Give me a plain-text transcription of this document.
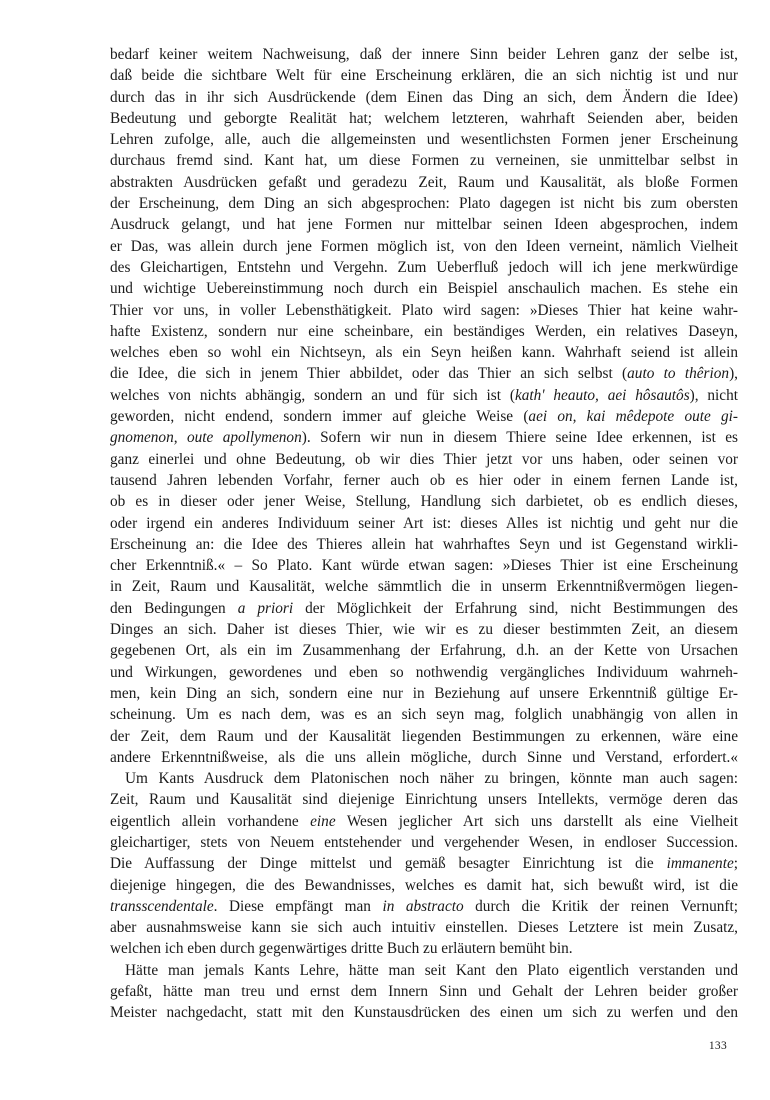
bedarf keiner weitem Nachweisung, daß der innere Sinn beider Lehren ganz der selbe ist,
daß beide die sichtbare Welt für eine Erscheinung erklären, die an sich nichtig ist und nur
durch das in ihr sich Ausdrückende (dem Einen das Ding an sich, dem Ändern die Idee)
Bedeutung und geborgte Realität hat; welchem letzteren, wahrhaft Seienden aber, beiden
Lehren zufolge, alle, auch die allgemeinsten und wesentlichsten Formen jener Erscheinung
durchaus fremd sind. Kant hat, um diese Formen zu verneinen, sie unmittelbar selbst in
abstrakten Ausdrücken gefaßt und geradezu Zeit, Raum und Kausalität, als bloße Formen
der Erscheinung, dem Ding an sich abgesprochen: Plato dagegen ist nicht bis zum obersten
Ausdruck gelangt, und hat jene Formen nur mittelbar seinen Ideen abgesprochen, indem
er Das, was allein durch jene Formen möglich ist, von den Ideen verneint, nämlich Vielheit
des Gleichartigen, Entstehn und Vergehn. Zum Ueberfluß jedoch will ich jene merkwürdige
und wichtige Uebereinstimmung noch durch ein Beispiel anschaulich machen. Es stehe ein
Thier vor uns, in voller Lebensthätigkeit. Plato wird sagen: »Dieses Thier hat keine wahr-
hafte Existenz, sondern nur eine scheinbare, ein beständiges Werden, ein relatives Daseyn,
welches eben so wohl ein Nichtseyn, als ein Seyn heißen kann. Wahrhaft seiend ist allein
die Idee, die sich in jenem Thier abbildet, oder das Thier an sich selbst (auto to thêrion),
welches von nichts abhängig, sondern an und für sich ist (kath' heauto, aei hôsautôs), nicht
geworden, nicht endend, sondern immer auf gleiche Weise (aei on, kai mêdepote oute gi-
gnomenon, oute apollymenon). Sofern wir nun in diesem Thiere seine Idee erkennen, ist es
ganz einerlei und ohne Bedeutung, ob wir dies Thier jetzt vor uns haben, oder seinen vor
tausend Jahren lebenden Vorfahr, ferner auch ob es hier oder in einem fernen Lande ist,
ob es in dieser oder jener Weise, Stellung, Handlung sich darbietet, ob es endlich dieses,
oder irgend ein anderes Individuum seiner Art ist: dieses Alles ist nichtig und geht nur die
Erscheinung an: die Idee des Thieres allein hat wahrhaftes Seyn und ist Gegenstand wirkli-
cher Erkenntniß.« – So Plato. Kant würde etwan sagen: »Dieses Thier ist eine Erscheinung
in Zeit, Raum und Kausalität, welche sämmtlich die in unserm Erkenntnißvermögen liegen-
den Bedingungen a priori der Möglichkeit der Erfahrung sind, nicht Bestimmungen des
Dinges an sich. Daher ist dieses Thier, wie wir es zu dieser bestimmten Zeit, an diesem
gegebenen Ort, als ein im Zusammenhang der Erfahrung, d.h. an der Kette von Ursachen
und Wirkungen, gewordenes und eben so nothwendig vergängliches Individuum wahrneh-
men, kein Ding an sich, sondern eine nur in Beziehung auf unsere Erkenntniß gültige Er-
scheinung. Um es nach dem, was es an sich seyn mag, folglich unabhängig von allen in
der Zeit, dem Raum und der Kausalität liegenden Bestimmungen zu erkennen, wäre eine
andere Erkenntnißweise, als die uns allein mögliche, durch Sinne und Verstand, erfordert.«
Um Kants Ausdruck dem Platonischen noch näher zu bringen, könnte man auch sagen:
Zeit, Raum und Kausalität sind diejenige Einrichtung unsers Intellekts, vermöge deren das
eigentlich allein vorhandene eine Wesen jeglicher Art sich uns darstellt als eine Vielheit
gleichartiger, stets von Neuem entstehender und vergehender Wesen, in endloser Succession.
Die Auffassung der Dinge mittelst und gemäß besagter Einrichtung ist die immanente;
diejenige hingegen, die des Bewandnisses, welches es damit hat, sich bewußt wird, ist die
transscendentale. Diese empfängt man in abstracto durch die Kritik der reinen Vernunft;
aber ausnahmsweise kann sie sich auch intuitiv einstellen. Dieses Letztere ist mein Zusatz,
welchen ich eben durch gegenwärtiges dritte Buch zu erläutern bemüht bin.
Hätte man jemals Kants Lehre, hätte man seit Kant den Plato eigentlich verstanden und
gefaßt, hätte man treu und ernst dem Innern Sinn und Gehalt der Lehren beider großer
Meister nachgedacht, statt mit den Kunstausdrücken des einen um sich zu werfen und den
133
